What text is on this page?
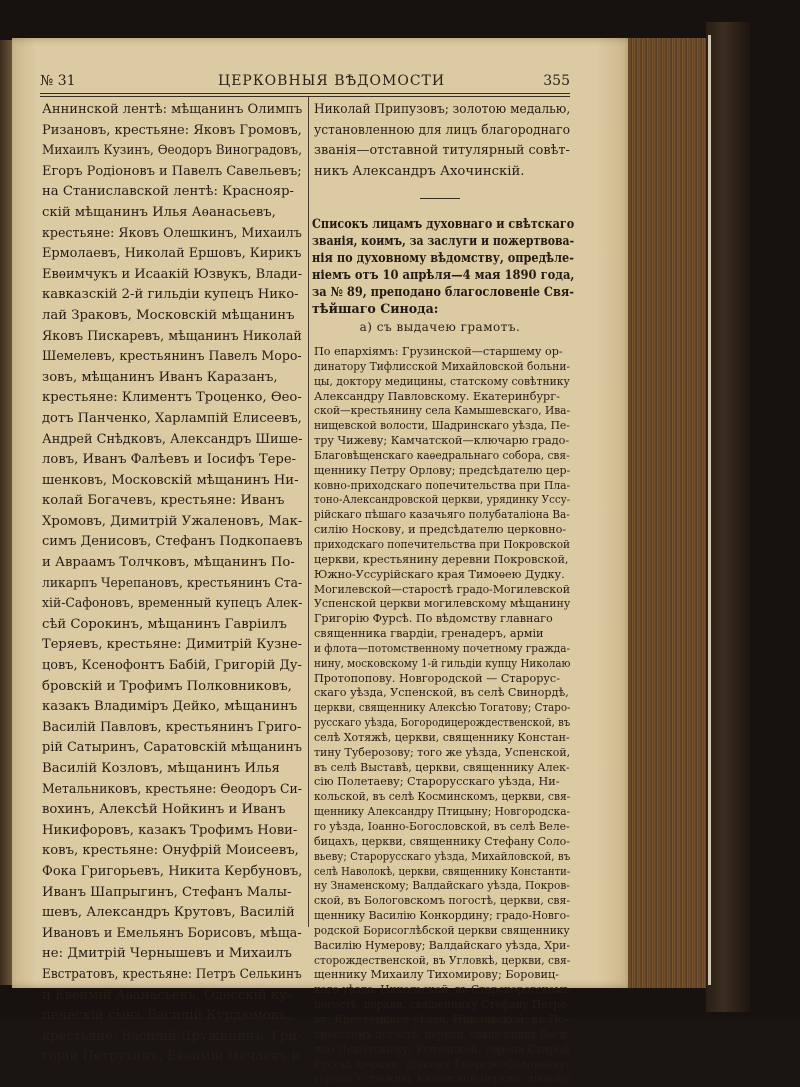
№ 31	ЦЕРКОВНЫЯ ВѢДОМОСТИ	355
Аннинской лентѣ: мѣщанинъ Олимпъ
Ризановъ, крестьяне: Яковъ Громовъ,
Михаилъ Кузинъ, Ѳеодоръ Виноградовъ,
Егоръ Родіоновъ и Павелъ Савельевъ;
на Станиславской лентѣ: Краснояр-
скій мѣщанинъ Илья Аѳанасьевъ,
крестьяне: Яковъ Олешкинъ, Михаилъ
Ермолаевъ, Николай Ершовъ, Кирикъ
Евѳимчукъ и Исаакій Юзвукъ, Влади-
кавказскій 2-й гильдіи купецъ Нико-
лай Зраковъ, Московскій мѣщанинъ
Яковъ Пискаревъ, мѣщанинъ Николай
Шемелевъ, крестьянинъ Павелъ Моро-
зовъ, мѣщанинъ Иванъ Каразанъ,
крестьяне: Климентъ Троценко, Ѳео-
дотъ Панченко, Харлампій Елисеевъ,
Андрей Снѣдковъ, Александръ Шише-
ловъ, Иванъ Фалѣевъ и Іосифъ Тере-
шенковъ, Московскій мѣщанинъ Ни-
колай Богачевъ, крестьяне: Иванъ
Хромовъ, Димитрій Ужаленовъ, Мак-
симъ Денисовъ, Стефанъ Подкопаевъ
и Авраамъ Толчковъ, мѣщанинъ По-
ликарпъ Черепановъ, крестьянинъ Ста-
хій-Сафоновъ, временный купецъ Алек-
сѣй Сорокинъ, мѣщанинъ Гавріилъ
Теряевъ, крестьяне: Димитрій Кузне-
цовъ, Ксенофонтъ Бабій, Григорій Ду-
бровскій и Трофимъ Полковниковъ,
казакъ Владиміръ Дейко, мѣщанинъ
Василій Павловъ, крестьянинъ Григо-
рій Сатыринъ, Саратовскій мѣщанинъ
Василій Козловъ, мѣщанинъ Илья
Метальниковъ, крестьяне: Ѳеодоръ Си-
вохинъ, Алексѣй Нойкинъ и Иванъ
Никифоровъ, казакъ Трофимъ Нови-
ковъ, крестьяне: Онуфрій Моисеевъ,
Фока Григорьевъ, Никита Кербуновъ,
Иванъ Шапрыгинъ, Стефанъ Малы-
шевъ, Александръ Крутовъ, Василій
Ивановъ и Емельянъ Борисовъ, мѣща-
не: Дмитрій Чернышевъ и Михаилъ
Евстратовъ, крестьяне: Петръ Селькинъ
и Евѳимій Аѳанасьевъ, Одесскій ку-
печескій сынъ Василій Курдюмовъ,
крестьяне: Василій Дружининъ, Гри-
горій Петрухинъ, Евѳимій Нечаевъ и
Николай Припузовъ; золотою медалью,
установленною для лицъ благороднаго
званія—отставной титулярный совѣт-
никъ Александръ Ахочинскій.
Списокъ лицамъ духовнаго и свѣтскаго
званія, коимъ, за заслуги и пожертвова-
нія по духовному вѣдомству, опредѣле-
ніемъ отъ 10 апрѣля—4 мая 1890 года,
за № 89, преподано благословеніе Свя-
тѣйшаго Синода:
а) съ выдачею грамотъ.
По епархіямъ: Грузинской—старшему ор-
динатору Тифлисской Михайловской больни-
цы, доктору медицины, статскому совѣтнику
Александру Павловскому. Екатеринбург-
ской—крестьянину села Камышевскаго, Ива-
нищевской волости, Шадринскаго уѣзда, Пе-
тру Чижеву; Камчатской—ключарю градо-
Благовѣщенскаго каѳедральнаго собора, свя-
щеннику Петру Орлову; предсѣдателю цер-
ковно-приходскаго попечительства при Пла-
тоно-Александровской церкви, урядинку Уссу-
рійскаго пѣшаго казачьяго полубаталіона Ва-
силію Носкову, и предсѣдателю церковно-
приходскаго попечительства при Покровской
церкви, крестьянину деревни Покровской,
Южно-Уссурійскаго края Тимоѳею Дудку.
Могилевской—старостѣ градо-Могилевской
Успенской церкви могилевскому мѣщанину
Григорію Фурсѣ. По вѣдомству главнаго
священника гвардіи, гренадеръ, арміи
и флота—потомственному почетному гражда-
нину, московскому 1-й гильдіи купцу Николаю
Протопопову. Новгородской — Старорус-
скаго уѣзда, Успенской, въ селѣ Свинордѣ,
церкви, священнику Алексѣю Тогатову; Старо-
русскаго уѣзда, Богородицерождественской, въ
селѣ Хотяжѣ, церкви, священнику Констан-
тину Туберозову; того же уѣзда, Успенской,
въ селѣ Выставѣ, церкви, священнику Алек-
сію Полетаеву; Старорусскаго уѣзда, Ни-
кольской, въ селѣ Косминскомъ, церкви, свя-
щеннику Александру Птицыну; Новгородска-
го уѣзда, Іоанно-Богословской, въ селѣ Веле-
бицахъ, церкви, священнику Стефану Соло-
вьеву; Старорусскаго уѣзда, Михайловской, въ
селѣ Наволокѣ, церкви, священнику Константи-
ну Знаменскому; Валдайскаго уѣзда, Покров-
ской, въ Бологовскомъ погостѣ, церкви, свя-
щеннику Василію Конкордину; градо-Новго-
родской Борисоглѣбской церкви священнику
Василію Нумерову; Валдайскаго уѣзда, Хри-
сторождественской, въ Угловкѣ, церкви, свя-
щеннику Михаилу Тихомирову; Боровиц-
каго уѣзда, Никольской, въ Старскорогскомъ
погостѣ, церкви, священнику Стефану Петро-
ву; Крестецкаго уѣзда, Никольской, въ По-
кровскомъ погостѣ, церкви, священнику Васи-
лію Левочскому; Успенской, города Старой
Руссы, церкви, діакону Георгію Соловьеву;
города Устюжны, Казанской церкви, діакону
